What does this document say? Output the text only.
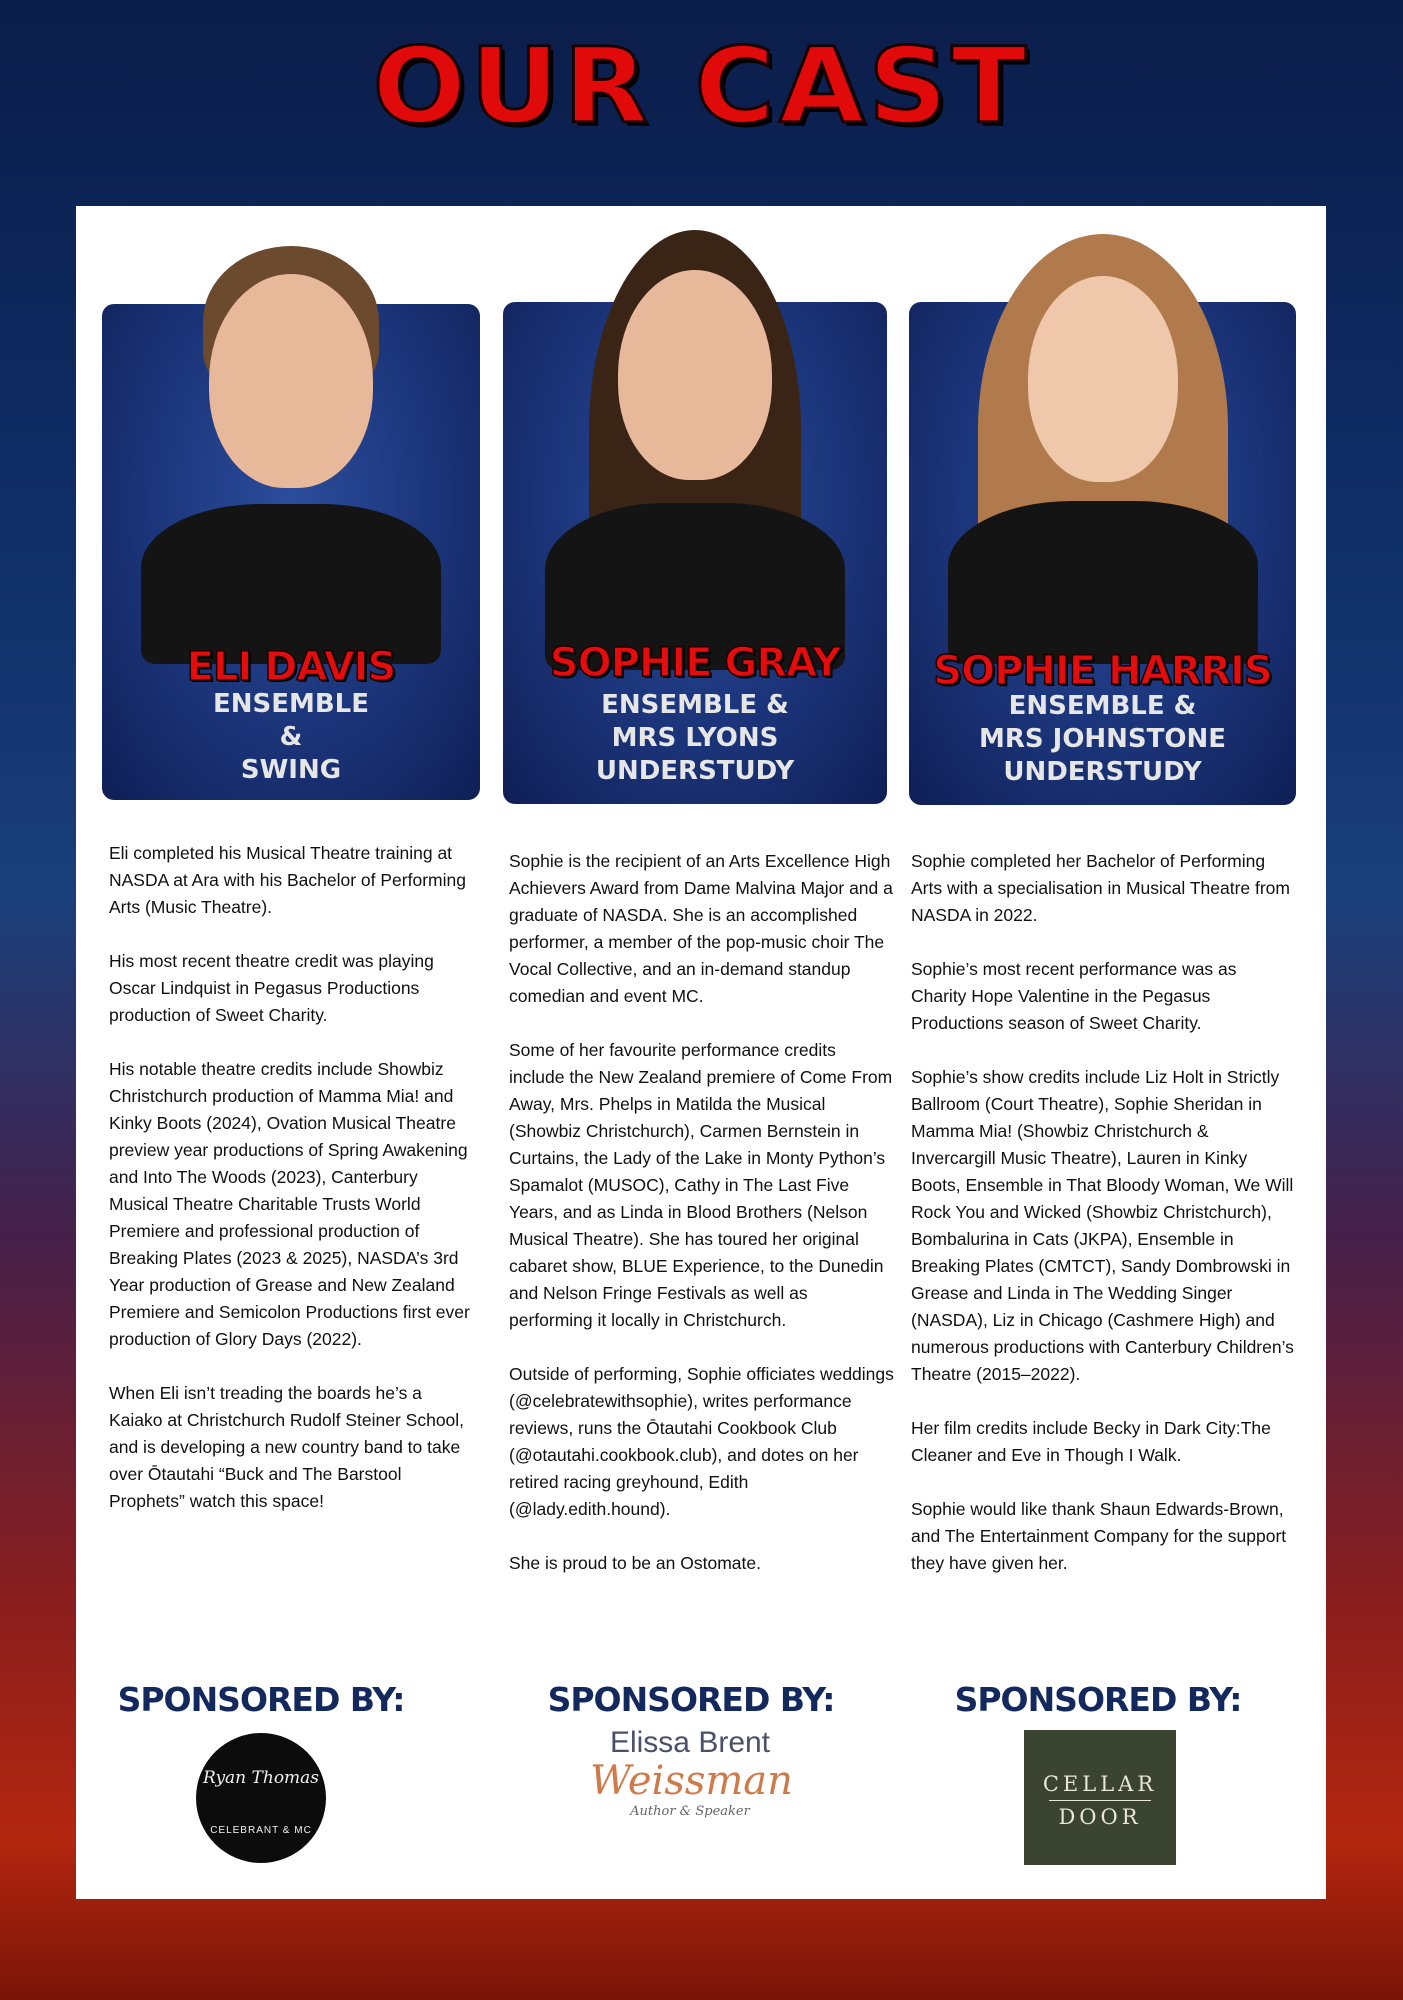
OUR CAST
ELI DAVIS
ENSEMBLE
&
SWING
SOPHIE GRAY
ENSEMBLE &
MRS LYONS
UNDERSTUDY
SOPHIE HARRIS
ENSEMBLE &
MRS JOHNSTONE
UNDERSTUDY

Eli completed his Musical Theatre training at NASDA at Ara with his Bachelor of Performing Arts (Music Theatre).

His most recent theatre credit was playing Oscar Lindquist in Pegasus Productions production of Sweet Charity.

His notable theatre credits include Showbiz Christchurch production of Mamma Mia! and Kinky Boots (2024), Ovation Musical Theatre preview year productions of Spring Awakening and Into The Woods (2023), Canterbury Musical Theatre Charitable Trusts World Premiere and professional production of Breaking Plates (2023 & 2025), NASDA’s 3rd Year production of Grease and New Zealand Premiere and Semicolon Productions first ever production of Glory Days (2022).

When Eli isn’t treading the boards he’s a Kaiako at Christchurch Rudolf Steiner School, and is developing a new country band to take over Ōtautahi “Buck and The Barstool Prophets” watch this space!

Sophie is the recipient of an Arts Excellence High Achievers Award from Dame Malvina Major and a graduate of NASDA. She is an accomplished performer, a member of the pop-music choir The Vocal Collective, and an in-demand standup comedian and event MC.

Some of her favourite performance credits include the New Zealand premiere of Come From Away, Mrs. Phelps in Matilda the Musical (Showbiz Christchurch), Carmen Bernstein in Curtains, the Lady of the Lake in Monty Python’s Spamalot (MUSOC), Cathy in The Last Five Years, and as Linda in Blood Brothers (Nelson Musical Theatre). She has toured her original cabaret show, BLUE Experience, to the Dunedin and Nelson Fringe Festivals as well as performing it locally in Christchurch.

Outside of performing, Sophie officiates weddings (@celebratewithsophie), writes performance reviews, runs the Ōtautahi Cookbook Club (@otautahi.cookbook.club), and dotes on her retired racing greyhound, Edith (@lady.edith.hound).

She is proud to be an Ostomate.

Sophie completed her Bachelor of Performing Arts with a specialisation in Musical Theatre from NASDA in 2022.

Sophie’s most recent performance was as Charity Hope Valentine in the Pegasus Productions season of Sweet Charity.

Sophie’s show credits include Liz Holt in Strictly Ballroom (Court Theatre), Sophie Sheridan in Mamma Mia! (Showbiz Christchurch & Invercargill Music Theatre), Lauren in Kinky Boots, Ensemble in That Bloody Woman, We Will Rock You and Wicked (Showbiz Christchurch), Bombalurina in Cats (JKPA), Ensemble in Breaking Plates (CMTCT), Sandy Dombrowski in Grease and Linda in The Wedding Singer (NASDA), Liz in Chicago (Cashmere High) and numerous productions with Canterbury Children’s Theatre (2015–2022).

Her film credits include Becky in Dark City:The Cleaner and Eve in Though I Walk.

Sophie would like thank Shaun Edwards-Brown, and The Entertainment Company for the support they have given her.

SPONSORED BY:	SPONSORED BY:	SPONSORED BY:
Ryan Thomas
CELEBRANT & MC
Elissa Brent
Weissman
Author & Speaker
CELLAR
DOOR
